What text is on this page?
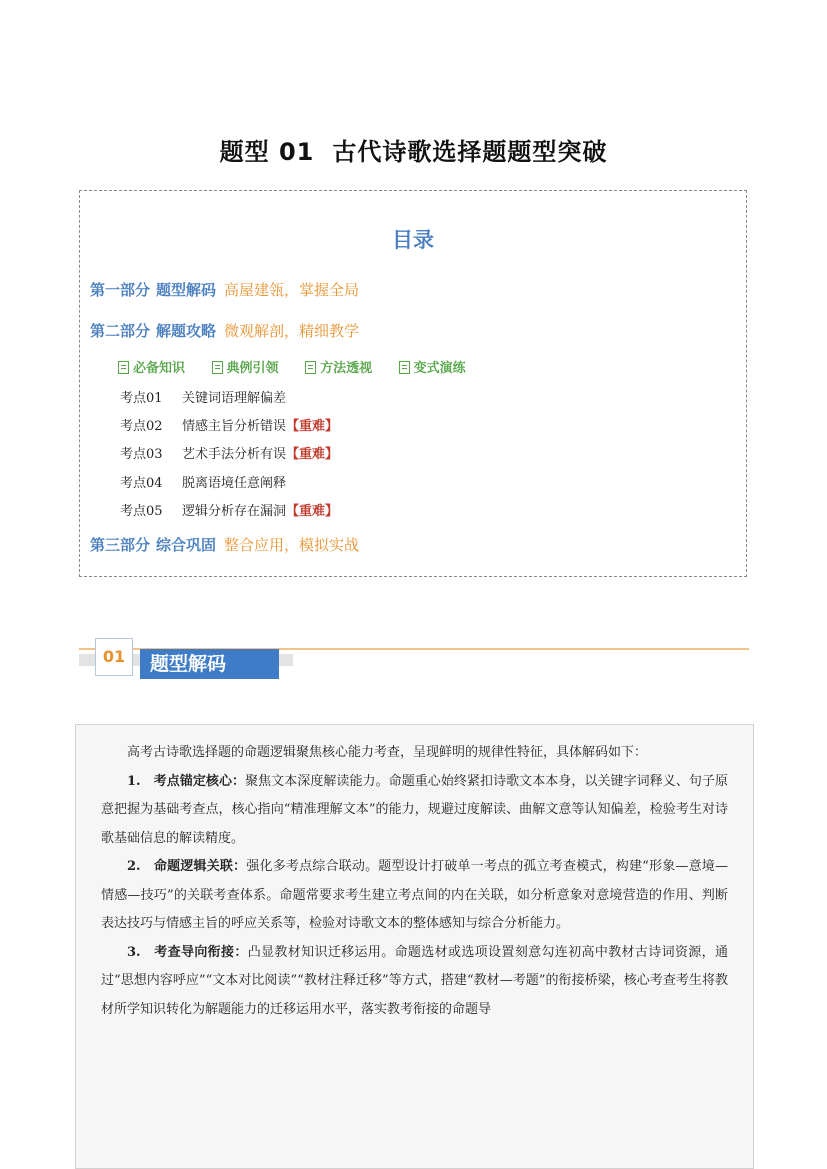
题型 01 古代诗歌选择题题型突破
目录
第一部分 题型解码 高屋建瓴，掌握全局
第二部分 解题攻略 微观解剖，精细教学
必备知识	典例引领	方法透视	变式演练
考点01 关键词语理解偏差
考点02 情感主旨分析错误【重难】
考点03 艺术手法分析有误【重难】
考点04 脱离语境任意阐释
考点05 逻辑分析存在漏洞【重难】
第三部分 综合巩固 整合应用，模拟实战
01	题型解码

高考古诗歌选择题的命题逻辑聚焦核心能力考查，呈现鲜明的规律性特征，具体解码如下：

1.　考点锚定核心：聚焦文本深度解读能力。命题重心始终紧扣诗歌文本本身，以关键字词释义、句子原意把握为基础考查点，核心指向“精准理解文本”的能力，规避过度解读、曲解文意等认知偏差，检验考生对诗歌基础信息的解读精度。

2.　命题逻辑关联：强化多考点综合联动。题型设计打破单一考点的孤立考查模式，构建“形象—意境—情感—技巧”的关联考查体系。命题常要求考生建立考点间的内在关联，如分析意象对意境营造的作用、判断表达技巧与情感主旨的呼应关系等，检验对诗歌文本的整体感知与综合分析能力。

3.　考查导向衔接：凸显教材知识迁移运用。命题选材或选项设置刻意勾连初高中教材古诗词资源，通过“思想内容呼应”“文本对比阅读”“教材注释迁移”等方式，搭建“教材—考题”的衔接桥梁，核心考查考生将教材所学知识转化为解题能力的迁移运用水平，落实教考衔接的命题导
